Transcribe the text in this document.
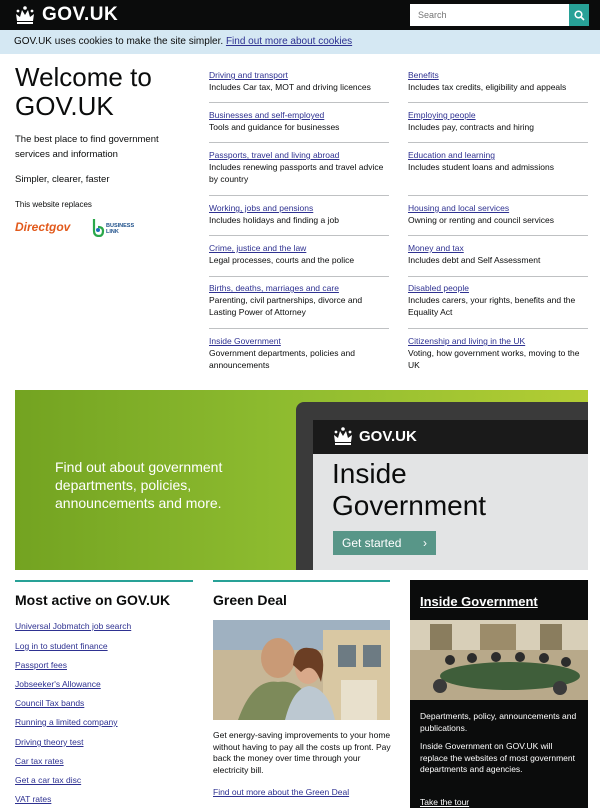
GOV.UK
Search
GOV.UK uses cookies to make the site simpler. Find out more about cookies
Welcome to GOV.UK
The best place to find government services and information
Simpler, clearer, faster
This website replaces
Directgov	BUSINESS
LINK
Driving and transport
Includes Car tax, MOT and driving licences
Benefits
Includes tax credits, eligibility and appeals
Businesses and self-employed
Tools and guidance for businesses
Employing people
Includes pay, contracts and hiring
Passports, travel and living abroad
Includes renewing passports and travel advice by country
Education and learning
Includes student loans and admissions
Working, jobs and pensions
Includes holidays and finding a job
Housing and local services
Owning or renting and council services
Crime, justice and the law
Legal processes, courts and the police
Money and tax
Includes debt and Self Assessment
Births, deaths, marriages and care
Parenting, civil partnerships, divorce and Lasting Power of Attorney
Disabled people
Includes carers, your rights, benefits and the Equality Act
Inside Government
Government departments, policies and announcements
Citizenship and living in the UK
Voting, how government works, moving to the UK
Find out about government departments, policies, announcements and more.
GOV.UK
Inside Government
Get started ›
Most active on GOV.UK
Universal Jobmatch job search
Log in to student finance
Passport fees
Jobseeker's Allowance
Council Tax bands
Running a limited company
Driving theory test
Car tax rates
Get a car tax disc
VAT rates
Green Deal
Get energy-saving improvements to your home without having to pay all the costs up front. Pay back the money over time through your electricity bill.
Find out more about the Green Deal
Inside Government
Departments, policy, announcements and publications.
Inside Government on GOV.UK will replace the websites of most government departments and agencies.
Take the tour
